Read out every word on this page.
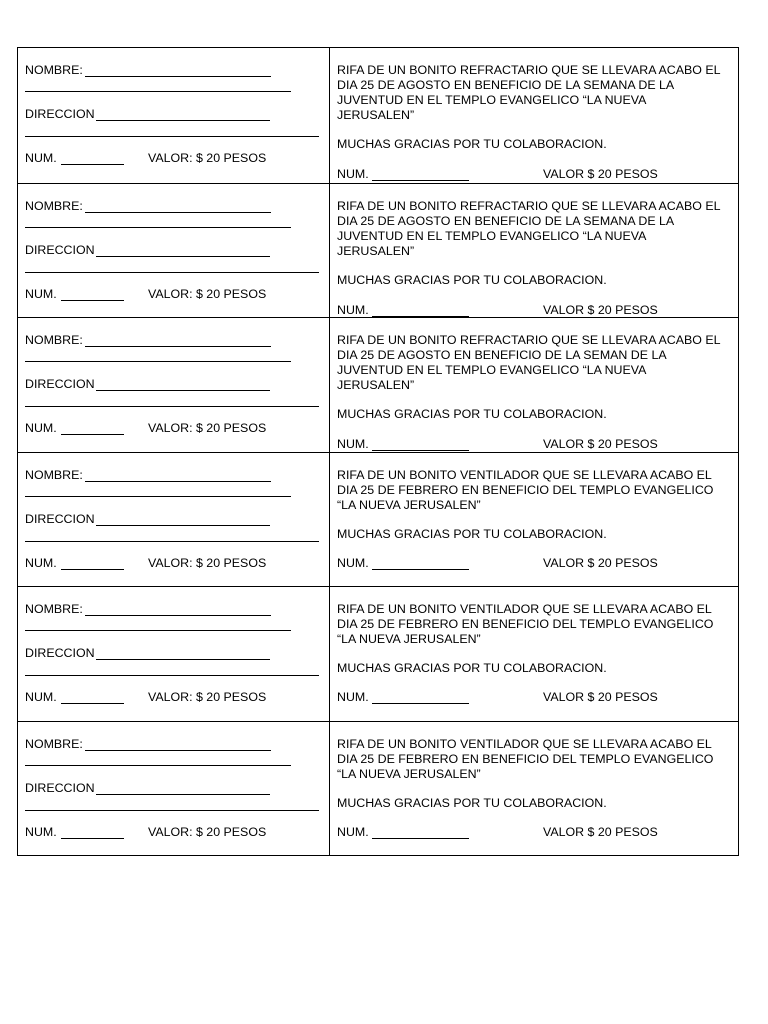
NOMBRE:
DIRECCION
NUM.	VALOR: $ 20 PESOS
RIFA DE UN BONITO REFRACTARIO QUE SE LLEVARA ACABO EL DIA 25 DE AGOSTO EN BENEFICIO DE LA SEMANA DE LA JUVENTUD EN EL TEMPLO EVANGELICO “LA NUEVA JERUSALEN”
MUCHAS GRACIAS POR TU COLABORACION.
NUM.	VALOR $ 20 PESOS
NOMBRE:
DIRECCION
NUM.	VALOR: $ 20 PESOS
RIFA DE UN BONITO REFRACTARIO QUE SE LLEVARA ACABO EL DIA 25 DE AGOSTO EN BENEFICIO DE LA SEMANA DE LA JUVENTUD EN EL TEMPLO EVANGELICO “LA NUEVA JERUSALEN”
MUCHAS GRACIAS POR TU COLABORACION.
NUM.	VALOR $ 20 PESOS
NOMBRE:
DIRECCION
NUM.	VALOR: $ 20 PESOS
RIFA DE UN BONITO REFRACTARIO QUE SE LLEVARA ACABO EL DIA 25 DE AGOSTO EN BENEFICIO DE LA SEMAN DE LA JUVENTUD EN EL TEMPLO EVANGELICO “LA NUEVA JERUSALEN”
MUCHAS GRACIAS POR TU COLABORACION.
NUM.	VALOR $ 20 PESOS
NOMBRE:
DIRECCION
NUM.	VALOR: $ 20 PESOS
RIFA DE UN BONITO VENTILADOR QUE SE LLEVARA ACABO EL DIA 25 DE FEBRERO EN BENEFICIO DEL TEMPLO EVANGELICO “LA NUEVA JERUSALEN”
MUCHAS GRACIAS POR TU COLABORACION.
NUM.	VALOR $ 20 PESOS
NOMBRE:
DIRECCION
NUM.	VALOR: $ 20 PESOS
RIFA DE UN BONITO VENTILADOR QUE SE LLEVARA ACABO EL DIA 25 DE FEBRERO EN BENEFICIO DEL TEMPLO EVANGELICO “LA NUEVA JERUSALEN”
MUCHAS GRACIAS POR TU COLABORACION.
NUM.	VALOR $ 20 PESOS
NOMBRE:
DIRECCION
NUM.	VALOR: $ 20 PESOS
RIFA DE UN BONITO VENTILADOR QUE SE LLEVARA ACABO EL DIA 25 DE FEBRERO EN BENEFICIO DEL TEMPLO EVANGELICO “LA NUEVA JERUSALEN”
MUCHAS GRACIAS POR TU COLABORACION.
NUM.	VALOR $ 20 PESOS
